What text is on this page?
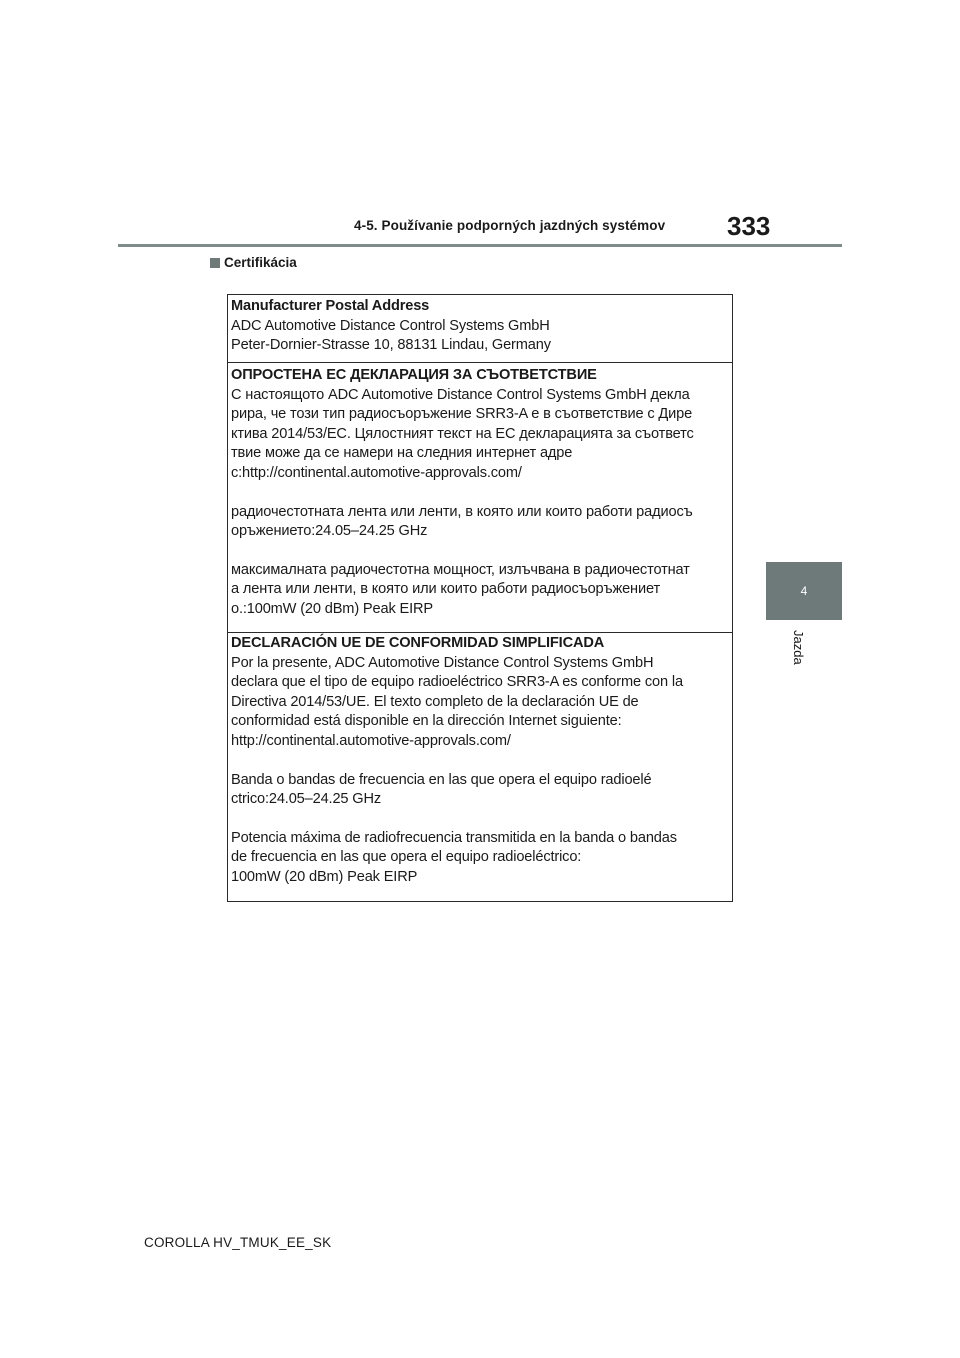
4-5. Používanie podporných jazdných systémov 333
Certifikácia
4
Jazda
Manufacturer Postal Address
ADC Automotive Distance Control Systems GmbH
Peter-Dornier-Strasse 10, 88131 Lindau, Germany
ОПРОСТЕНА ЕС ДЕКЛАРАЦИЯ ЗА СЪОТВЕТСТВИЕ
С настоящото ADC Automotive Distance Control Systems GmbH декла
рира, че този тип радиосъоръжение SRR3-A е в съответствие с Дире
ктива 2014/53/ЕС. Цялостният текст на ЕС декларацията за съответс
твие може да се намери на следния интернет адре
c:http://continental.automotive-approvals.com/
радиочестотната лента или ленти, в която или които работи радиосъ
оръжението:24.05–24.25 GHz
максималната радиочестотна мощност, излъчвана в радиочестотнат
а лента или ленти, в която или които работи радиосъоръжениет
о.:100mW (20 dBm) Peak EIRP
DECLARACIÓN UE DE CONFORMIDAD SIMPLIFICADA
Por la presente, ADC Automotive Distance Control Systems GmbH
declara que el tipo de equipo radioeléctrico SRR3-A es conforme con la
Directiva 2014/53/UE. El texto completo de la declaración UE de
conformidad está disponible en la dirección Internet siguiente:
http://continental.automotive-approvals.com/
Banda o bandas de frecuencia en las que opera el equipo radioelé
ctrico:24.05–24.25 GHz
Potencia máxima de radiofrecuencia transmitida en la banda o bandas
de frecuencia en las que opera el equipo radioeléctrico:
100mW (20 dBm) Peak EIRP
COROLLA HV_TMUK_EE_SK
